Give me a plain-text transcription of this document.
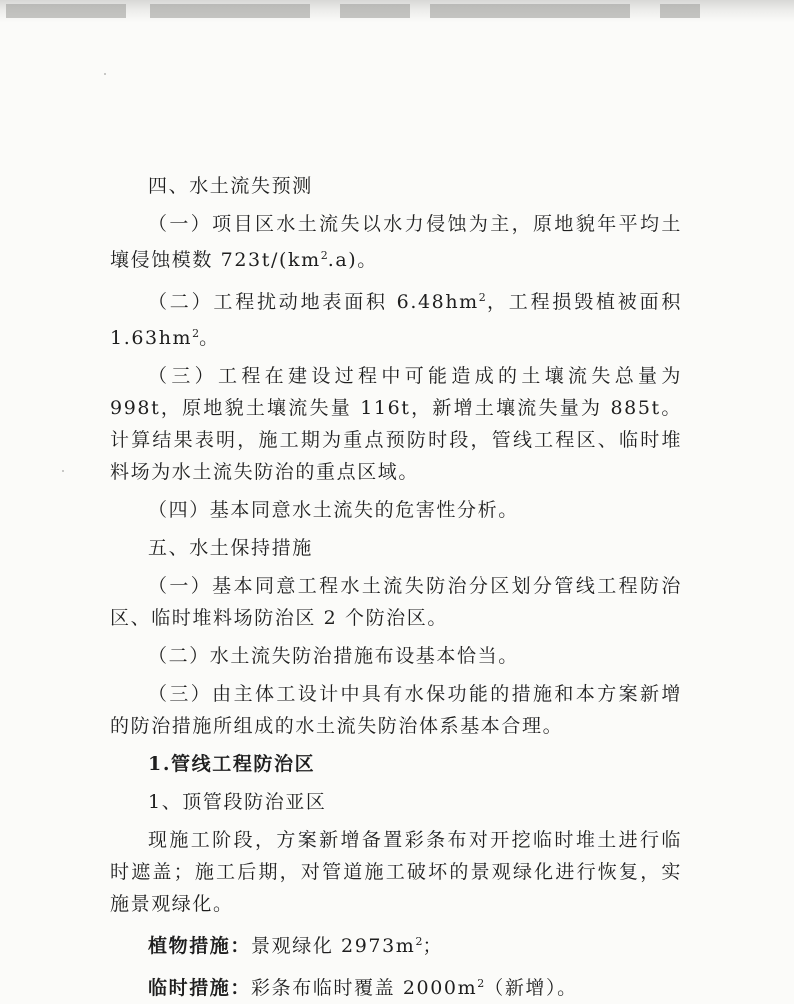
四、水土流失预测

（一）项目区水土流失以水力侵蚀为主，原地貌年平均土壤侵蚀模数 $723t/(km^2.a)$。

（二）工程扰动地表面积 $6.48hm^2$，工程损毁植被面积 $1.63hm^2$。

（三）工程在建设过程中可能造成的土壤流失总量为 998t，原地貌土壤流失量 116t，新增土壤流失量为 885t。计算结果表明，施工期为重点预防时段，管线工程区、临时堆料场为水土流失防治的重点区域。

（四）基本同意水土流失的危害性分析。

五、水土保持措施

（一）基本同意工程水土流失防治分区划分管线工程防治区、临时堆料场防治区 2 个防治区。

（二）水土流失防治措施布设基本恰当。

（三）由主体工设计中具有水保功能的措施和本方案新增的防治措施所组成的水土流失防治体系基本合理。

1.管线工程防治区

1、顶管段防治亚区

现施工阶段，方案新增备置彩条布对开挖临时堆土进行临时遮盖；施工后期，对管道施工破坏的景观绿化进行恢复，实施景观绿化。

植物措施：景观绿化 $2973m^2$；

临时措施：彩条布临时覆盖 $2000m^2$（新增）。
